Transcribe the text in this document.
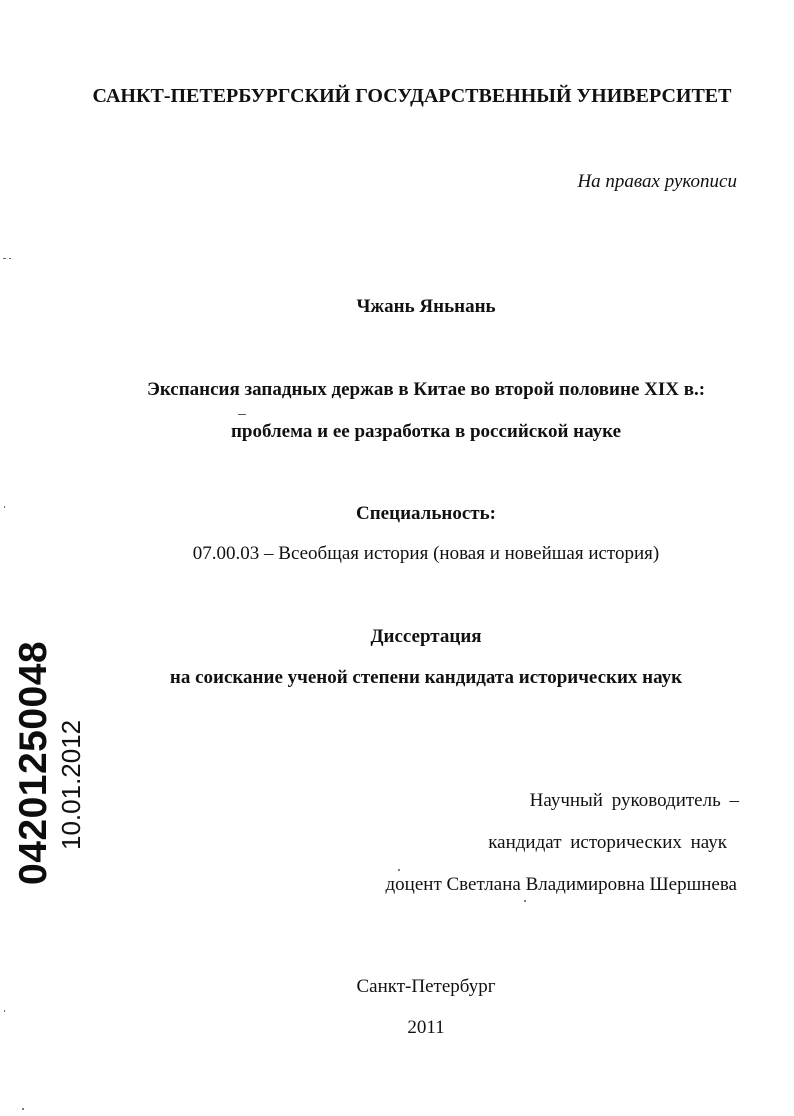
САНКТ-ПЕТЕРБУРГСКИЙ ГОСУДАРСТВЕННЫЙ УНИВЕРСИТЕТ
На правах рукописи
Чжань Яньнань
Экспансия западных держав в Китае во второй половине XIX в.:
проблема и ее разработка в российской науке
Специальность:
07.00.03 – Всеобщая история (новая и новейшая история)
Диссертация
на соискание ученой степени кандидата исторических наук
Научный руководитель –
кандидат исторических наук
доцент Светлана Владимировна Шершнева
Санкт-Петербург
2011
04201250048 10.01.2012
